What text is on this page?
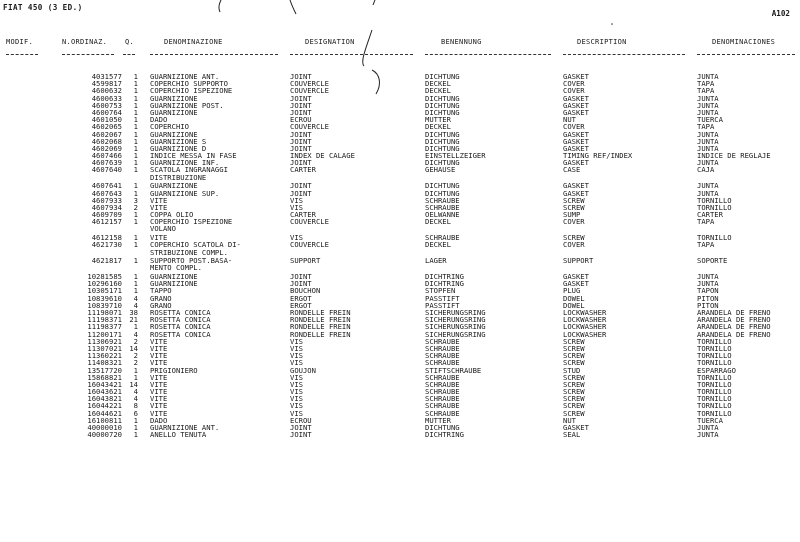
FIAT 450 (3 ED.)
A102
MODIF.	N.ORDINAZ.	Q.	DENOMINAZIONE	DESIGNATION	BENENNUNG	DESCRIPTION	DENOMINACIONES
4031577	1 GUARNIZIONE ANT.	JOINT	DICHTUNG	GASKET	JUNTA
4599817	1 COPERCHIO SUPPORTO	COUVERCLE	DECKEL	COVER	TAPA
4600632	1 COPERCHIO ISPEZIONE	COUVERCLE	DECKEL	COVER	TAPA
4600633	1 GUARNIZIONE	JOINT	DICHTUNG	GASKET	JUNTA
4600753	1 GUARNIZIONE POST.	JOINT	DICHTUNG	GASKET	JUNTA
4600764	1 GUARNIZIONE	JOINT	DICHTUNG	GASKET	JUNTA
4601050	1 DADO	ECROU	MUTTER	NUT	TUERCA
4602065	1 COPERCHIO	COUVERCLE	DECKEL	COVER	TAPA
4602067	1 GUARNIZIONE	JOINT	DICHTUNG	GASKET	JUNTA
4602068	1 GUARNIZIONE S	JOINT	DICHTUNG	GASKET	JUNTA
4602069	1 GUARNIZIONE D	JOINT	DICHTUNG	GASKET	JUNTA
4607466	1 INDICE MESSA IN FASE	INDEX DE CALAGE	EINSTELLZEIGER	TIMING REF/INDEX	INDICE DE REGLAJE
4607639	1 GUARNIZIONE INF.	JOINT	DICHTUNG	GASKET	JUNTA
4607640	1 SCATOLA INGRANAGGI	CARTER	GEHAUSE	CASE	CAJA
DISTRIBUZIONE
4607641	1 GUARNIZIONE	JOINT	DICHTUNG	GASKET	JUNTA
4607643	1 GUARNIZIONE SUP.	JOINT	DICHTUNG	GASKET	JUNTA
4607933	3 VITE	VIS	SCHRAUBE	SCREW	TORNILLO
4607934	2 VITE	VIS	SCHRAUBE	SCREW	TORNILLO
4609709	1 COPPA OLIO	CARTER	OELWANNE	SUMP	CARTER
4612157	1 COPERCHIO ISPEZIONE	COUVERCLE	DECKEL	COVER	TAPA
VOLANO
4612158	1 VITE	VIS	SCHRAUBE	SCREW	TORNILLO
4621730	1 COPERCHIO SCATOLA DI-	COUVERCLE	DECKEL	COVER	TAPA
STRIBUZIONE COMPL.
4621817	1 SUPPORTO POST.BASA-	SUPPORT	LAGER	SUPPORT	SOPORTE
MENTO COMPL.
10281585	1 GUARNIZIONE	JOINT	DICHTRING	GASKET	JUNTA
10296160	1 GUARNIZIONE	JOINT	DICHTRING	GASKET	JUNTA
10305171	1 TAPPO	BOUCHON	STOPFEN	PLUG	TAPON
10839610	4 GRANO	ERGOT	PASSTIFT	DOWEL	PITON
10839710	4 GRANO	ERGOT	PASSTIFT	DOWEL	PITON
11198071	38 ROSETTA CONICA	RONDELLE FREIN	SICHERUNGSRING	LOCKWASHER	ARANDELA DE FRENO
11198371	21 ROSETTA CONICA	RONDELLE FREIN	SICHERUNGSRING	LOCKWASHER	ARANDELA DE FRENO
11198377	1 ROSETTA CONICA	RONDELLE FREIN	SICHERUNGSRING	LOCKWASHER	ARANDELA DE FRENO
11200171	4 ROSETTA CONICA	RONDELLE FREIN	SICHERUNGSRING	LOCKWASHER	ARANDELA DE FRENO
11306921	2 VITE	VIS	SCHRAUBE	SCREW	TORNILLO
11307021	14 VITE	VIS	SCHRAUBE	SCREW	TORNILLO
11360221	2 VITE	VIS	SCHRAUBE	SCREW	TORNILLO
11408321	2 VITE	VIS	SCHRAUBE	SCREW	TORNILLO
13517720	1 PRIGIONIERO	GOUJON	STIFTSCHRAUBE	STUD	ESPARRAGO
15868821	1 VITE	VIS	SCHRAUBE	SCREW	TORNILLO
16043421	14 VITE	VIS	SCHRAUBE	SCREW	TORNILLO
16043621	4 VITE	VIS	SCHRAUBE	SCREW	TORNILLO
16043821	4 VITE	VIS	SCHRAUBE	SCREW	TORNILLO
16044221	8 VITE	VIS	SCHRAUBE	SCREW	TORNILLO
16044621	6 VITE	VIS	SCHRAUBE	SCREW	TORNILLO
16100811	1 DADO	ECROU	MUTTER	NUT	TUERCA
40000010	1 GUARNIZIONE ANT.	JOINT	DICHTUNG	GASKET	JUNTA
40000720	1 ANELLO TENUTA	JOINT	DICHTRING	SEAL	JUNTA
